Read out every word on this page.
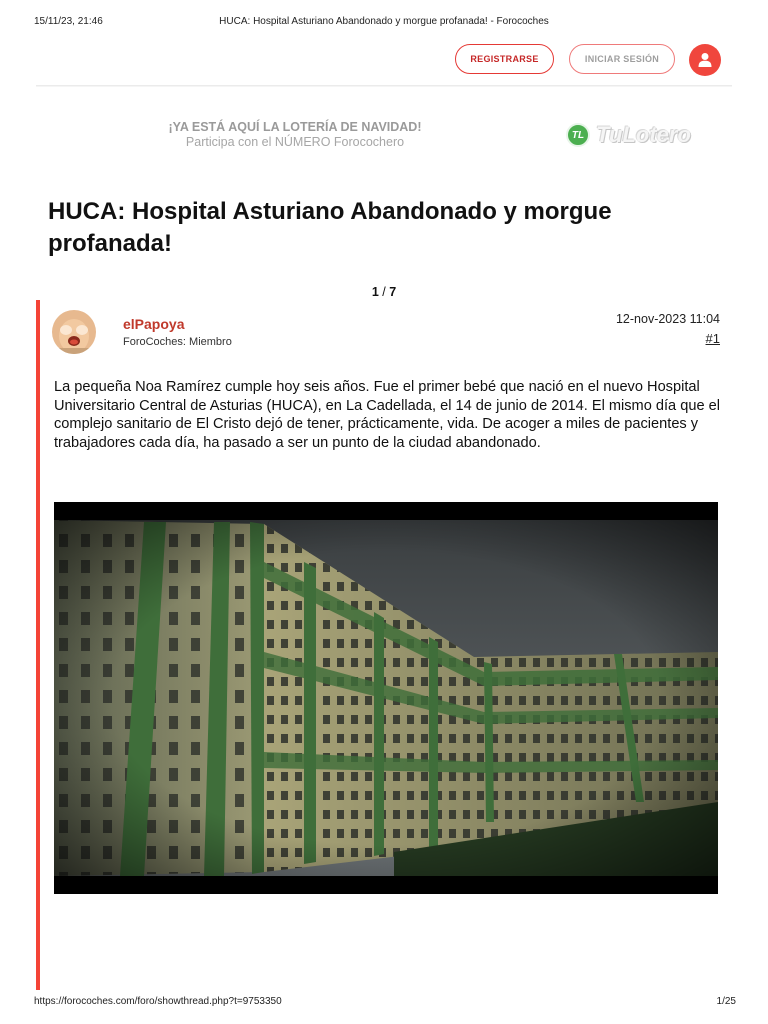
15/11/23, 21:46	HUCA: Hospital Asturiano Abandonado y morgue profanada! - Forocoches
REGISTRARSE	INICIAR SESIÓN
¡YA ESTÁ AQUÍ LA LOTERÍA DE NAVIDAD!
Participa con el NÚMERO Forocochero	TL TuLotero
HUCA: Hospital Asturiano Abandonado y morgue profanada!
1 / 7
elPapoya
ForoCoches: Miembro
12-nov-2023 11:04
#1

La pequeña Noa Ramírez cumple hoy seis años. Fue el primer bebé que nació en el nuevo Hospital Universitario Central de Asturias (HUCA), en La Cadellada, el 14 de junio de 2014. El mismo día que el complejo sanitario de El Cristo dejó de tener, prácticamente, vida. De acoger a miles de pacientes y trabajadores cada día, ha pasado a ser un punto de la ciudad abandonado.

https://forocoches.com/foro/showthread.php?t=9753350	1/25
